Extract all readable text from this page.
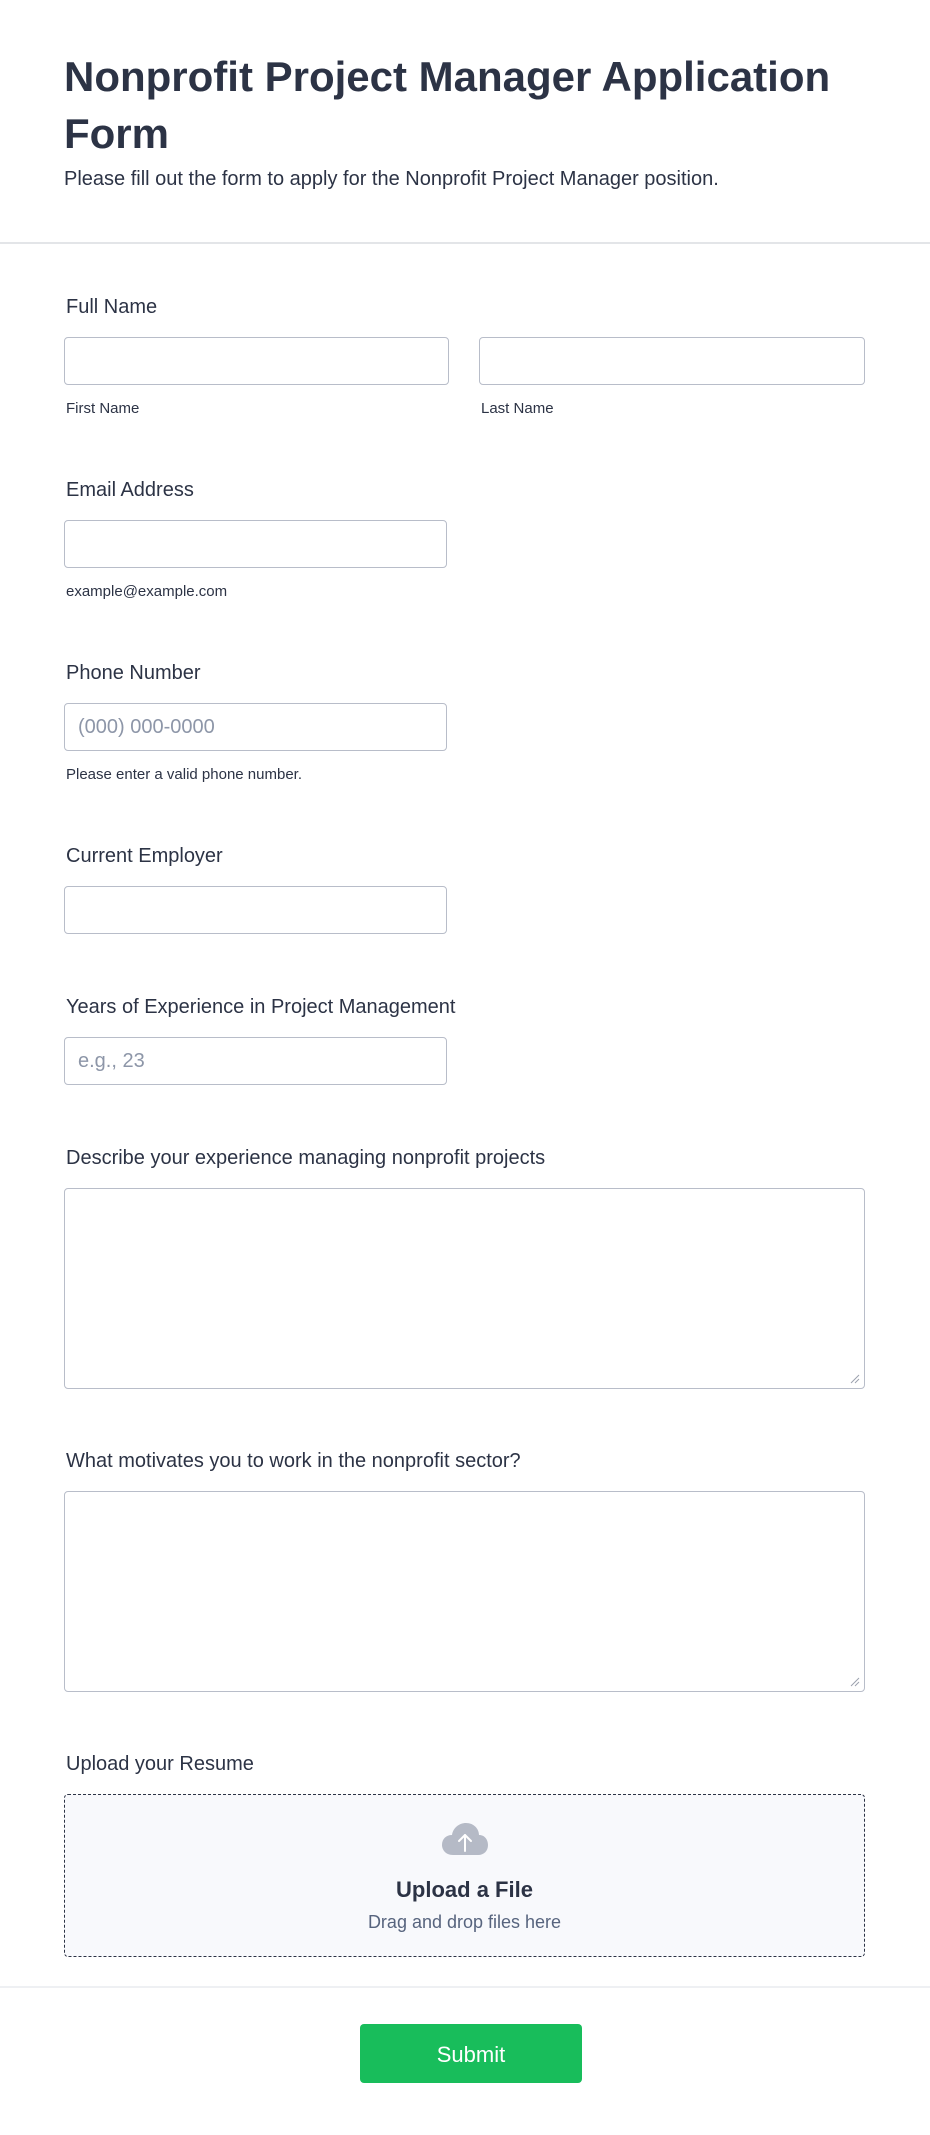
Nonprofit Project Manager Application Form

Please fill out the form to apply for the Nonprofit Project Manager position.

Full Name
First Name	Last Name
Email Address
example@example.com
Phone Number
(000) 000-0000
Please enter a valid phone number.
Current Employer
Years of Experience in Project Management
e.g., 23
Describe your experience managing nonprofit projects
What motivates you to work in the nonprofit sector?
Upload your Resume
Upload a File
Drag and drop files here
Submit
